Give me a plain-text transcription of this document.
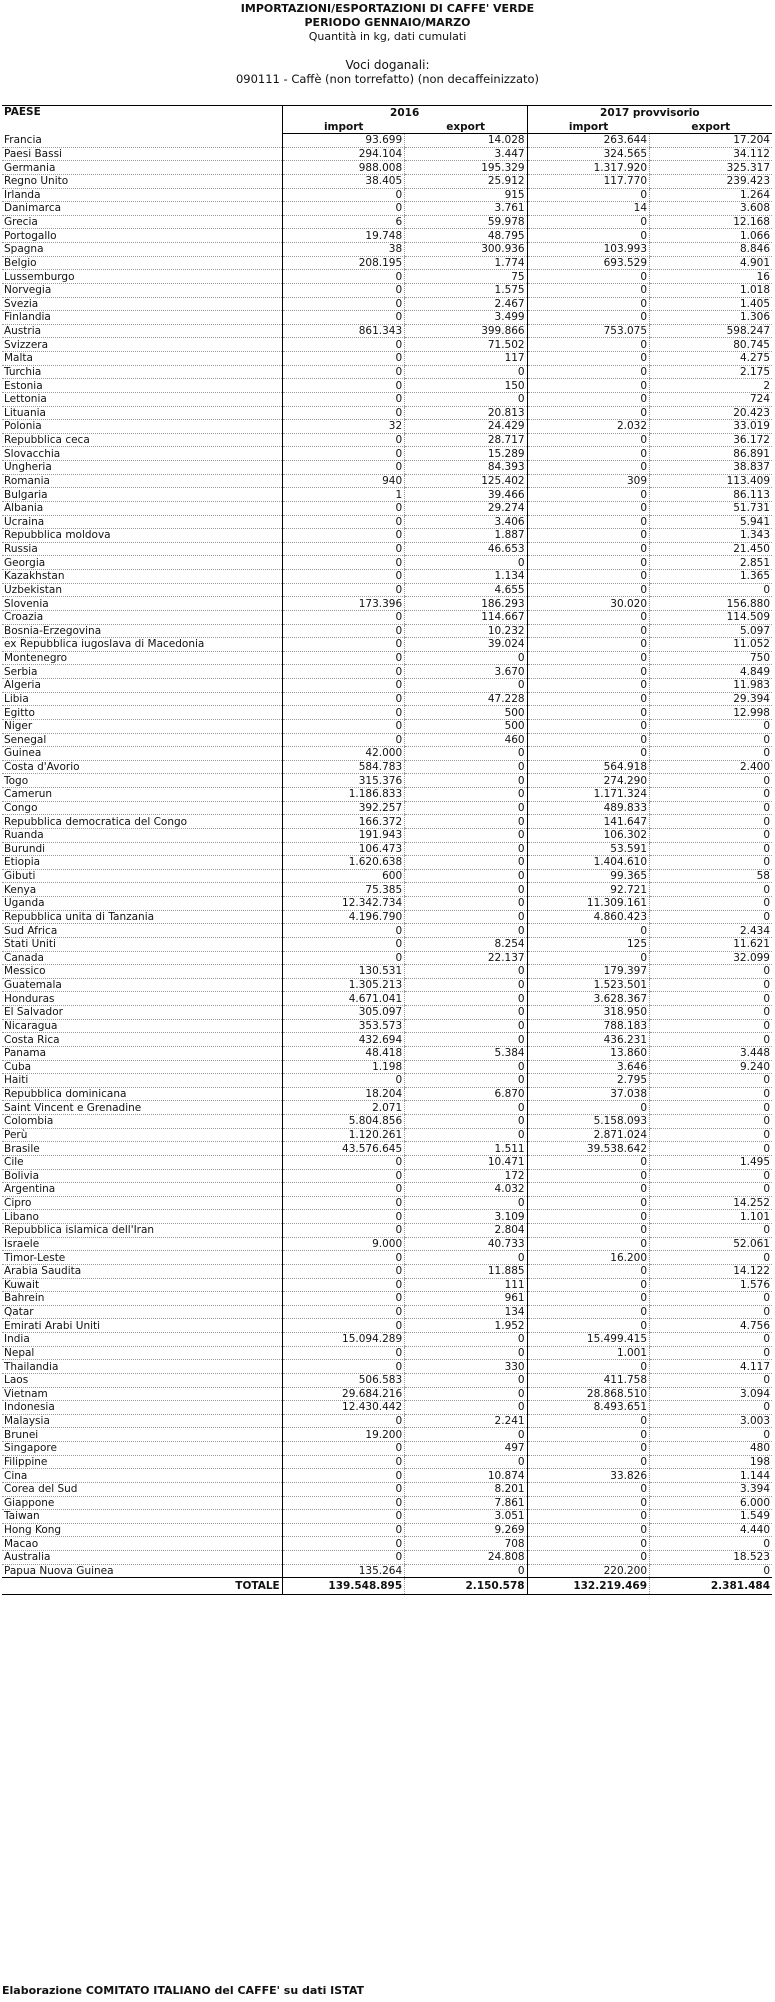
IMPORTAZIONI/ESPORTAZIONI DI CAFFE' VERDE
PERIODO GENNAIO/MARZO
Quantità in kg, dati cumulati
Voci doganali:
090111 - Caffè (non torrefatto) (non decaffeinizzato)
PAESE	2016		2017 provvisorio	
	import	export	import	export
Francia	93.699	14.028	263.644	17.204
Paesi Bassi	294.104	3.447	324.565	34.112
Germania	988.008	195.329	1.317.920	325.317
Regno Unito	38.405	25.912	117.770	239.423
Irlanda	0	915	0	1.264
Danimarca	0	3.761	14	3.608
Grecia	6	59.978	0	12.168
Portogallo	19.748	48.795	0	1.066
Spagna	38	300.936	103.993	8.846
Belgio	208.195	1.774	693.529	4.901
Lussemburgo	0	75	0	16
Norvegia	0	1.575	0	1.018
Svezia	0	2.467	0	1.405
Finlandia	0	3.499	0	1.306
Austria	861.343	399.866	753.075	598.247
Svizzera	0	71.502	0	80.745
Malta	0	117	0	4.275
Turchia	0	0	0	2.175
Estonia	0	150	0	2
Lettonia	0	0	0	724
Lituania	0	20.813	0	20.423
Polonia	32	24.429	2.032	33.019
Repubblica ceca	0	28.717	0	36.172
Slovacchia	0	15.289	0	86.891
Ungheria	0	84.393	0	38.837
Romania	940	125.402	309	113.409
Bulgaria	1	39.466	0	86.113
Albania	0	29.274	0	51.731
Ucraina	0	3.406	0	5.941
Repubblica moldova	0	1.887	0	1.343
Russia	0	46.653	0	21.450
Georgia	0	0	0	2.851
Kazakhstan	0	1.134	0	1.365
Uzbekistan	0	4.655	0	0
Slovenia	173.396	186.293	30.020	156.880
Croazia	0	114.667	0	114.509
Bosnia-Erzegovina	0	10.232	0	5.097
ex Repubblica iugoslava di Macedonia	0	39.024	0	11.052
Montenegro	0	0	0	750
Serbia	0	3.670	0	4.849
Algeria	0	0	0	11.983
Libia	0	47.228	0	29.394
Egitto	0	500	0	12.998
Niger	0	500	0	0
Senegal	0	460	0	0
Guinea	42.000	0	0	0
Costa d'Avorio	584.783	0	564.918	2.400
Togo	315.376	0	274.290	0
Camerun	1.186.833	0	1.171.324	0
Congo	392.257	0	489.833	0
Repubblica democratica del Congo	166.372	0	141.647	0
Ruanda	191.943	0	106.302	0
Burundi	106.473	0	53.591	0
Etiopia	1.620.638	0	1.404.610	0
Gibuti	600	0	99.365	58
Kenya	75.385	0	92.721	0
Uganda	12.342.734	0	11.309.161	0
Repubblica unita di Tanzania	4.196.790	0	4.860.423	0
Sud Africa	0	0	0	2.434
Stati Uniti	0	8.254	125	11.621
Canada	0	22.137	0	32.099
Messico	130.531	0	179.397	0
Guatemala	1.305.213	0	1.523.501	0
Honduras	4.671.041	0	3.628.367	0
El Salvador	305.097	0	318.950	0
Nicaragua	353.573	0	788.183	0
Costa Rica	432.694	0	436.231	0
Panama	48.418	5.384	13.860	3.448
Cuba	1.198	0	3.646	9.240
Haiti	0	0	2.795	0
Repubblica dominicana	18.204	6.870	37.038	0
Saint Vincent e Grenadine	2.071	0	0	0
Colombia	5.804.856	0	5.158.093	0
Perù	1.120.261	0	2.871.024	0
Brasile	43.576.645	1.511	39.538.642	0
Cile	0	10.471	0	1.495
Bolivia	0	172	0	0
Argentina	0	4.032	0	0
Cipro	0	0	0	14.252
Libano	0	3.109	0	1.101
Repubblica islamica dell'Iran	0	2.804	0	0
Israele	9.000	40.733	0	52.061
Timor-Leste	0	0	16.200	0
Arabia Saudita	0	11.885	0	14.122
Kuwait	0	111	0	1.576
Bahrein	0	961	0	0
Qatar	0	134	0	0
Emirati Arabi Uniti	0	1.952	0	4.756
India	15.094.289	0	15.499.415	0
Nepal	0	0	1.001	0
Thailandia	0	330	0	4.117
Laos	506.583	0	411.758	0
Vietnam	29.684.216	0	28.868.510	3.094
Indonesia	12.430.442	0	8.493.651	0
Malaysia	0	2.241	0	3.003
Brunei	19.200	0	0	0
Singapore	0	497	0	480
Filippine	0	0	0	198
Cina	0	10.874	33.826	1.144
Corea del Sud	0	8.201	0	3.394
Giappone	0	7.861	0	6.000
Taiwan	0	3.051	0	1.549
Hong Kong	0	9.269	0	4.440
Macao	0	708	0	0
Australia	0	24.808	0	18.523
Papua Nuova Guinea	135.264	0	220.200	0
TOTALE	139.548.895	2.150.578	132.219.469	2.381.484
Elaborazione COMITATO ITALIANO del CAFFE' su dati ISTAT
